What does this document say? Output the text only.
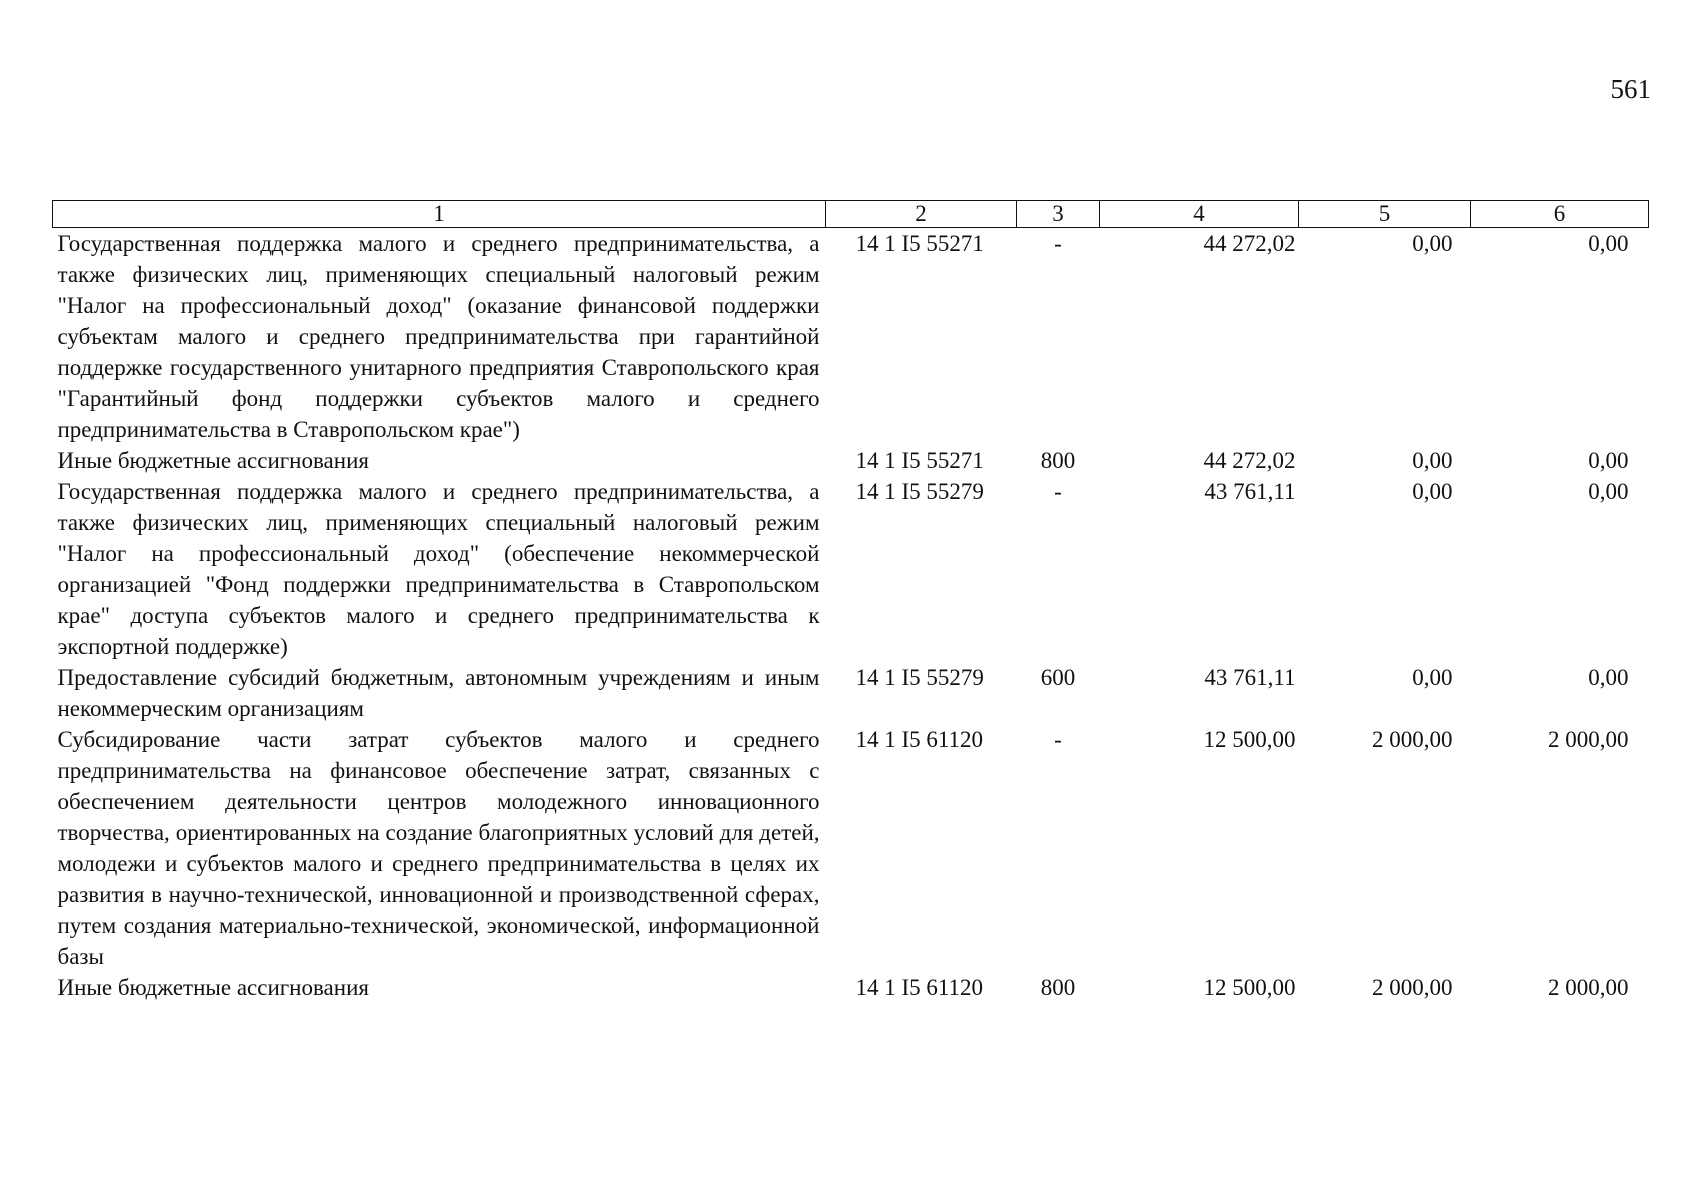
561
1	2	3	4	5	6
Государственная поддержка малого и среднего предпринимательства, а также физических лиц, применяющих специальный налоговый режим "Налог на профессиональный доход" (оказание финансовой поддержки субъектам малого и среднего предпринимательства при гарантийной поддержке государственного унитарного предприятия Ставропольского края "Гарантийный фонд поддержки субъектов малого и среднего предпринимательства в Ставропольском крае")	14 1 I5 55271	-	44 272,02	0,00	0,00
Иные бюджетные ассигнования	14 1 I5 55271	800	44 272,02	0,00	0,00
Государственная поддержка малого и среднего предпринимательства, а также физических лиц, применяющих специальный налоговый режим "Налог на профессиональный доход" (обеспечение некоммерческой организацией "Фонд поддержки предпринимательства в Ставропольском крае" доступа субъектов малого и среднего предпринимательства к экспортной поддержке)	14 1 I5 55279	-	43 761,11	0,00	0,00
Предоставление субсидий бюджетным, автономным учреждениям и иным некоммерческим организациям	14 1 I5 55279	600	43 761,11	0,00	0,00
Субсидирование части затрат субъектов малого и среднего предпринимательства на финансовое обеспечение затрат, связанных с обеспечением деятельности центров молодежного инновационного творчества, ориентированных на создание благоприятных условий для детей, молодежи и субъектов малого и среднего предпринимательства в целях их развития в научно-технической, инновационной и производственной сферах, путем создания материально-технической, экономической, информационной базы	14 1 I5 61120	-	12 500,00	2 000,00	2 000,00
Иные бюджетные ассигнования	14 1 I5 61120	800	12 500,00	2 000,00	2 000,00
